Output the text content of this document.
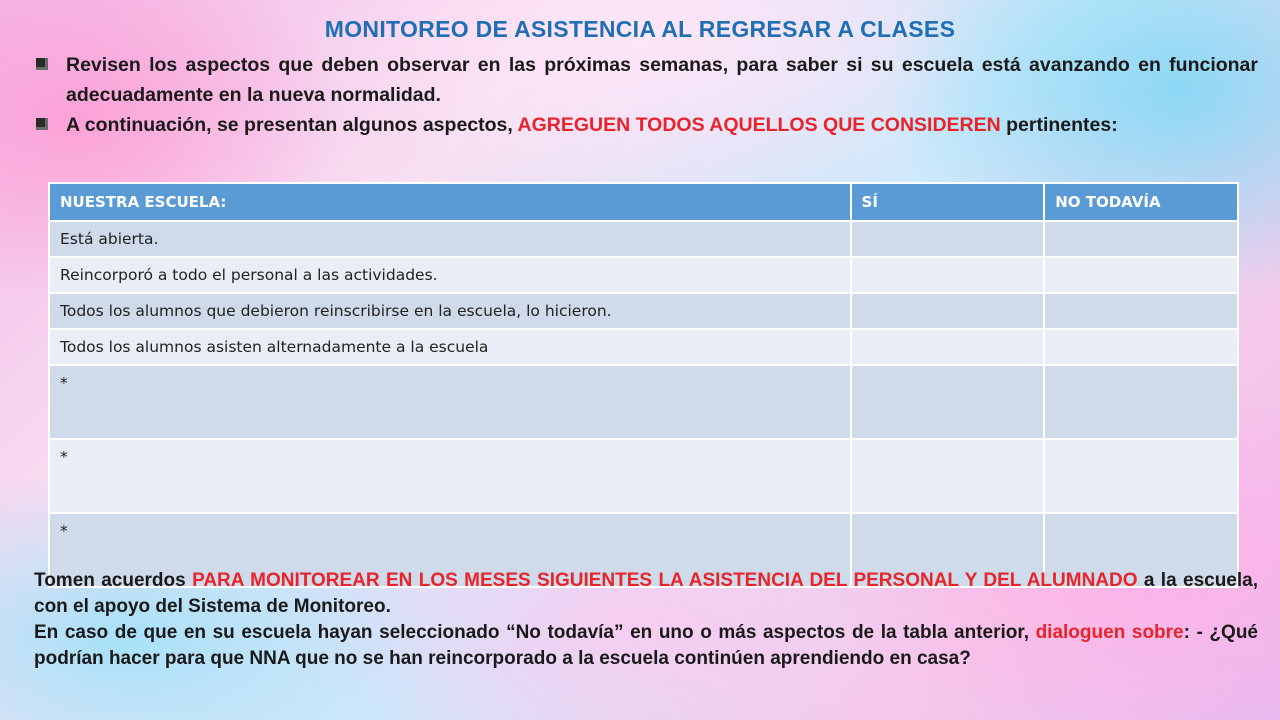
MONITOREO DE ASISTENCIA AL REGRESAR A CLASES
Revisen los aspectos que deben observar en las próximas semanas, para saber si su escuela está avanzando en funcionar adecuadamente en la nueva normalidad.
A continuación, se presentan algunos aspectos, AGREGUEN TODOS AQUELLOS QUE CONSIDEREN pertinentes:
NUESTRA ESCUELA:	SÍ	NO TODAVÍA
Está abierta.		
Reincorporó a todo el personal a las actividades.		
Todos los alumnos que debieron reinscribirse en la escuela, lo hicieron.		
Todos los alumnos asisten alternadamente a la escuela		
*		
*		
*		

Tomen acuerdos PARA MONITOREAR EN LOS MESES SIGUIENTES LA ASISTENCIA DEL PERSONAL Y DEL ALUMNADO a la escuela, con el apoyo del Sistema de Monitoreo.

En caso de que en su escuela hayan seleccionado “No todavía” en uno o más aspectos de la tabla anterior, dialoguen sobre: - ¿Qué podrían hacer para que NNA que no se han reincorporado a la escuela continúen aprendiendo en casa?
